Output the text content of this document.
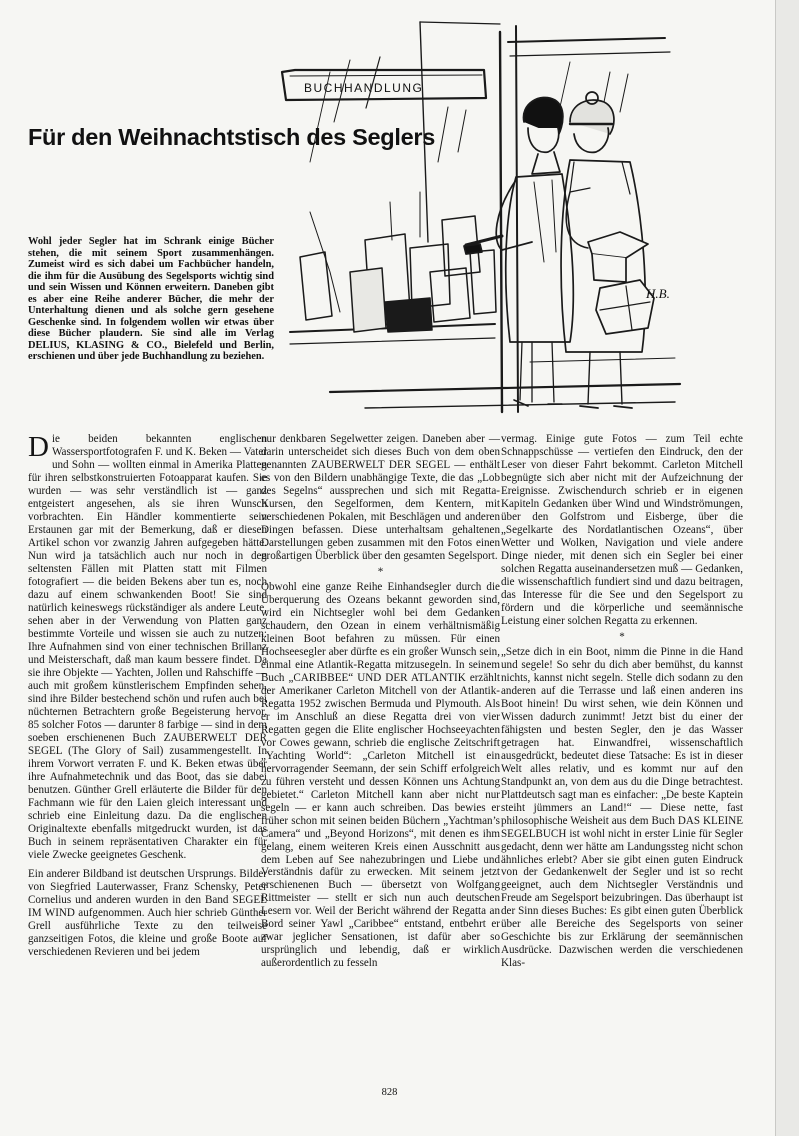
BUCHHANDLUNG
H.B.
Für den Weihnachtstisch des Seglers

Wohl jeder Segler hat im Schrank einige Bücher stehen, die mit seinem Sport zusammenhängen. Zumeist wird es sich dabei um Fachbücher handeln, die ihm für die Ausübung des Segelsports wichtig sind und sein Wissen und Können erweitern. Daneben gibt es aber eine Reihe anderer Bücher, die mehr der Unterhaltung dienen und als solche gern gesehene Geschenke sind. In folgendem wollen wir etwas über diese Bücher plaudern. Sie sind alle im Verlag DELIUS, KLASING & CO., Bielefeld und Berlin, erschienen und über jede Buchhandlung zu beziehen.

Die beiden bekannten englischen Wassersportfotografen F. und K. Beken — Vater und Sohn — wollten einmal in Amerika Platten für ihren selbstkonstruierten Fotoapparat kaufen. Sie wurden — was sehr verständlich ist — ganz entgeistert angesehen, als sie ihren Wunsch vorbrachten. Ein Händler kommentierte sein Erstaunen gar mit der Bemerkung, daß er diesen Artikel schon vor zwanzig Jahren aufgegeben hätte. Nun wird ja tatsächlich auch nur noch in den seltensten Fällen mit Platten statt mit Filmen fotografiert — die beiden Bekens aber tun es, noch dazu auf einem schwankenden Boot! Sie sind natürlich keineswegs rückständiger als andere Leute, sehen aber in der Verwendung von Platten ganz bestimmte Vorteile und wissen sie auch zu nutzen: Ihre Aufnahmen sind von einer technischen Brillanz und Meisterschaft, daß man kaum bessere findet. Da sie ihre Objekte — Yachten, Jollen und Rahschiffe — auch mit großem künstlerischem Empfinden sehen, sind ihre Bilder bestechend schön und rufen auch bei nüchternen Betrachtern große Begeisterung hervor. 85 solcher Fotos — darunter 8 farbige — sind in dem soeben erschienenen Buch ZAUBERWELT DER SEGEL (The Glory of Sail) zusammengestellt. In ihrem Vorwort verraten F. und K. Beken etwas über ihre Aufnahmetechnik und das Boot, das sie dabei benutzen. Günther Grell erläuterte die Bilder für den Fachmann wie für den Laien gleich interessant und schrieb eine Einleitung dazu. Da die englischen Originaltexte ebenfalls mitgedruckt wurden, ist das Buch in seinem repräsentativen Charakter ein für viele Zwecke geeignetes Geschenk.

Ein anderer Bildband ist deutschen Ursprungs. Bilder von Siegfried Lauterwasser, Franz Schensky, Peter Cornelius und anderen wurden in den Band SEGEL IM WIND aufgenommen. Auch hier schrieb Günther Grell ausführliche Texte zu den teilweise ganzseitigen Fotos, die kleine und große Boote auf verschiedenen Revieren und bei jedem

nur denkbaren Segelwetter zeigen. Daneben aber — darin unterscheidet sich dieses Buch von dem oben genannten ZAUBERWELT DER SEGEL — enthält es von den Bildern unabhängige Texte, die das „Lob des Segelns“ aussprechen und sich mit Regatta-Kursen, den Segelformen, dem Kentern, mit verschiedenen Pokalen, mit Beschlägen und anderen Dingen befassen. Diese unterhaltsam gehaltenen Darstellungen geben zusammen mit den Fotos einen großartigen Überblick über den gesamten Segelsport.

*

Obwohl eine ganze Reihe Einhandsegler durch die Überquerung des Ozeans bekannt geworden sind, wird ein Nichtsegler wohl bei dem Gedanken schaudern, den Ozean in einem verhältnismäßig kleinen Boot befahren zu müssen. Für einen Hochseesegler aber dürfte es ein großer Wunsch sein, einmal eine Atlantik-Regatta mitzusegeln. In seinem Buch „CARIBBEE“ UND DER ATLANTIK erzählt der Amerikaner Carleton Mitchell von der Atlantik-Regatta 1952 zwischen Bermuda und Plymouth. Als er im Anschluß an diese Regatta drei von vier Regatten gegen die Elite englischer Hochseeyachten vor Cowes gewann, schrieb die englische Zeitschrift „Yachting World“: „Carleton Mitchell ist ein hervorragender Seemann, der sein Schiff erfolgreich zu führen versteht und dessen Können uns Achtung gebietet.“ Carleton Mitchell kann aber nicht nur segeln — er kann auch schreiben. Das bewies er früher schon mit seinen beiden Büchern „Yachtman’s Camera“ und „Beyond Horizons“, mit denen es ihm gelang, einem weiteren Kreis einen Ausschnitt aus dem Leben auf See nahezubringen und Liebe und Verständnis dafür zu erwecken. Mit seinem jetzt erschienenen Buch — übersetzt von Wolfgang Rittmeister — stellt er sich nun auch deutschen Lesern vor. Weil der Bericht während der Regatta an Bord seiner Yawl „Caribbee“ entstand, entbehrt er zwar jeglicher Sensationen, ist dafür aber so ursprünglich und lebendig, daß er wirklich außerordentlich zu fesseln

vermag. Einige gute Fotos — zum Teil echte Schnappschüsse — vertiefen den Eindruck, den der Leser von dieser Fahrt bekommt. Carleton Mitchell begnügte sich aber nicht mit der Aufzeichnung der Ereignisse. Zwischendurch schrieb er in eigenen Kapiteln Gedanken über Wind und Windströmungen, über den Golfstrom und Eisberge, über die „Segelkarte des Nordatlantischen Ozeans“, über Wetter und Wolken, Navigation und viele andere Dinge nieder, mit denen sich ein Segler bei einer solchen Regatta auseinandersetzen muß — Gedanken, die wissenschaftlich fundiert sind und dazu beitragen, das Interesse für die See und den Segelsport zu fördern und die körperliche und seemännische Leistung einer solchen Regatta zu erkennen.

*

„Setze dich in ein Boot, nimm die Pinne in die Hand und segele! So sehr du dich aber bemühst, du kannst nichts, kannst nicht segeln. Stelle dich sodann zu den anderen auf die Terrasse und laß einen anderen ins Boot hinein! Du wirst sehen, wie dein Können und Wissen dadurch zunimmt! Jetzt bist du einer der fähigsten und besten Segler, den je das Wasser getragen hat. Einwandfrei, wissenschaftlich ausgedrückt, bedeutet diese Tatsache: Es ist in dieser Welt alles relativ, und es kommt nur auf den Standpunkt an, von dem aus du die Dinge betrachtest. Plattdeutsch sagt man es einfacher: „De beste Kaptein steiht jümmers an Land!“ — Diese nette, fast philosophische Weisheit aus dem Buch DAS KLEINE SEGELBUCH ist wohl nicht in erster Linie für Segler gedacht, denn wer hätte am Landungssteg nicht schon ähnliches erlebt? Aber sie gibt einen guten Eindruck von der Gedankenwelt der Segler und ist so recht geeignet, auch dem Nichtsegler Verständnis und Freude am Segelsport beizubringen. Das überhaupt ist der Sinn dieses Buches: Es gibt einen guten Überblick über alle Bereiche des Segelsports von seiner Geschichte bis zur Erklärung der seemännischen Ausdrücke. Dazwischen werden die verschiedenen Klas-

828
